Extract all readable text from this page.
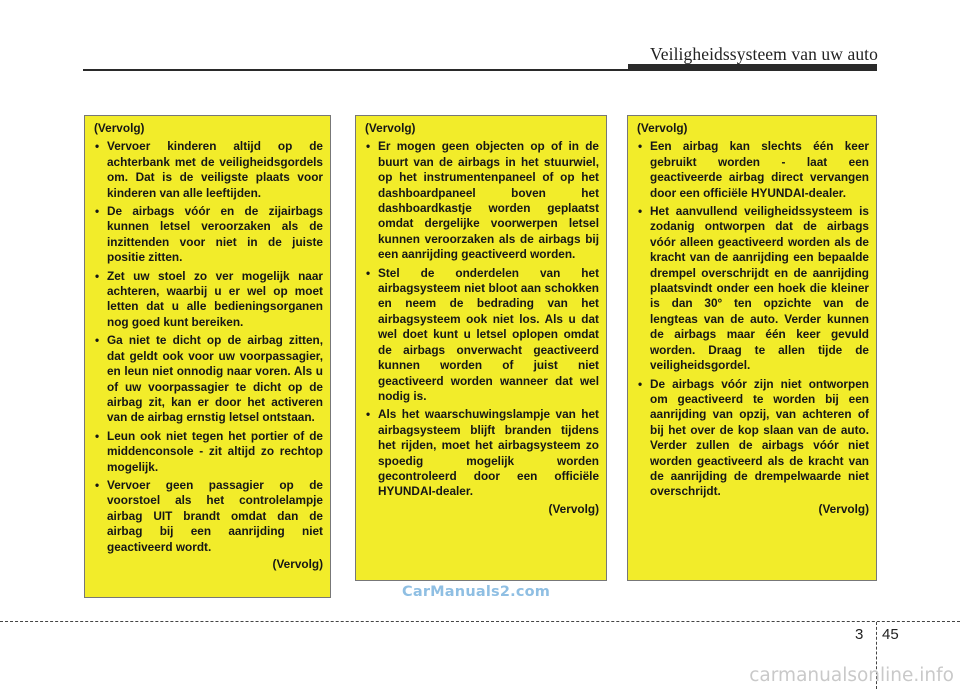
Veiligheidssysteem van uw auto
(Vervolg)
• Vervoer kinderen altijd op de achterbank met de veiligheidsgordels om. Dat is de veiligste plaats voor kinderen van alle leeftijden.
• De airbags vóór en de zijairbags kunnen letsel veroorzaken als de inzittenden voor niet in de juiste positie zitten.
• Zet uw stoel zo ver mogelijk naar achteren, waarbij u er wel op moet letten dat u alle bedieningsorganen nog goed kunt bereiken.
• Ga niet te dicht op de airbag zitten, dat geldt ook voor uw voorpassagier, en leun niet onnodig naar voren. Als u of uw voorpassagier te dicht op de airbag zit, kan er door het activeren van de airbag ernstig letsel ontstaan.
• Leun ook niet tegen het portier of de middenconsole - zit altijd zo rechtop mogelijk.
• Vervoer geen passagier op de voorstoel als het controlelampje airbag UIT brandt omdat dan de airbag bij een aanrijding niet geactiveerd wordt.
(Vervolg)
(Vervolg)
• Er mogen geen objecten op of in de buurt van de airbags in het stuurwiel, op het instrumentenpaneel of op het dashboardpaneel boven het dashboardkastje worden geplaatst omdat dergelijke voorwerpen letsel kunnen veroorzaken als de airbags bij een aanrijding geactiveerd worden.
• Stel de onderdelen van het airbagsysteem niet bloot aan schokken en neem de bedrading van het airbagsysteem ook niet los. Als u dat wel doet kunt u letsel oplopen omdat de airbags onverwacht geactiveerd kunnen worden of juist niet geactiveerd worden wanneer dat wel nodig is.
• Als het waarschuwingslampje van het airbagsysteem blijft branden tijdens het rijden, moet het airbagsysteem zo spoedig mogelijk worden gecontroleerd door een officiële HYUNDAI-dealer.
(Vervolg)
(Vervolg)
• Een airbag kan slechts één keer gebruikt worden - laat een geactiveerde airbag direct vervangen door een officiële HYUNDAI-dealer.
• Het aanvullend veiligheidssysteem is zodanig ontworpen dat de airbags vóór alleen geactiveerd worden als de kracht van de aanrijding een bepaalde drempel overschrijdt en de aanrijding plaatsvindt onder een hoek die kleiner is dan 30° ten opzichte van de lengteas van de auto. Verder kunnen de airbags maar één keer gevuld worden. Draag te allen tijde de veiligheidsgordel.
• De airbags vóór zijn niet ontworpen om geactiveerd te worden bij een aanrijding van opzij, van achteren of bij het over de kop slaan van de auto. Verder zullen de airbags vóór niet worden geactiveerd als de kracht van de aanrijding de drempelwaarde niet overschrijdt.
(Vervolg)
CarManuals2.com
3 45
carmanualsonline.info
